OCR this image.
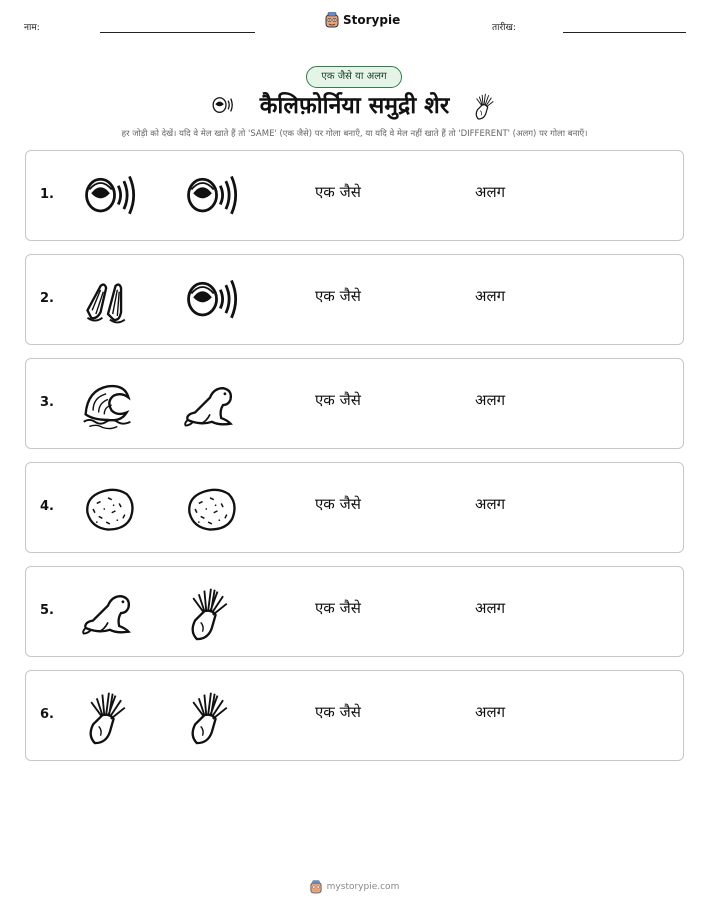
नाम:
Storypie
तारीख:
एक जैसे या अलग
कैलिफ़ोर्निया समुद्री शेर
हर जोड़ी को देखें। यदि वे मेल खाते हैं तो 'SAME' (एक जैसे) पर गोला बनाएँ, या यदि वे मेल नहीं खाते हैं तो 'DIFFERENT' (अलग) पर गोला बनाएँ।
1.	एक जैसे	अलग
2.	एक जैसे	अलग
3.	एक जैसे	अलग
4.	एक जैसे	अलग
5.	एक जैसे	अलग
6.	एक जैसे	अलग
mystorypie.com
